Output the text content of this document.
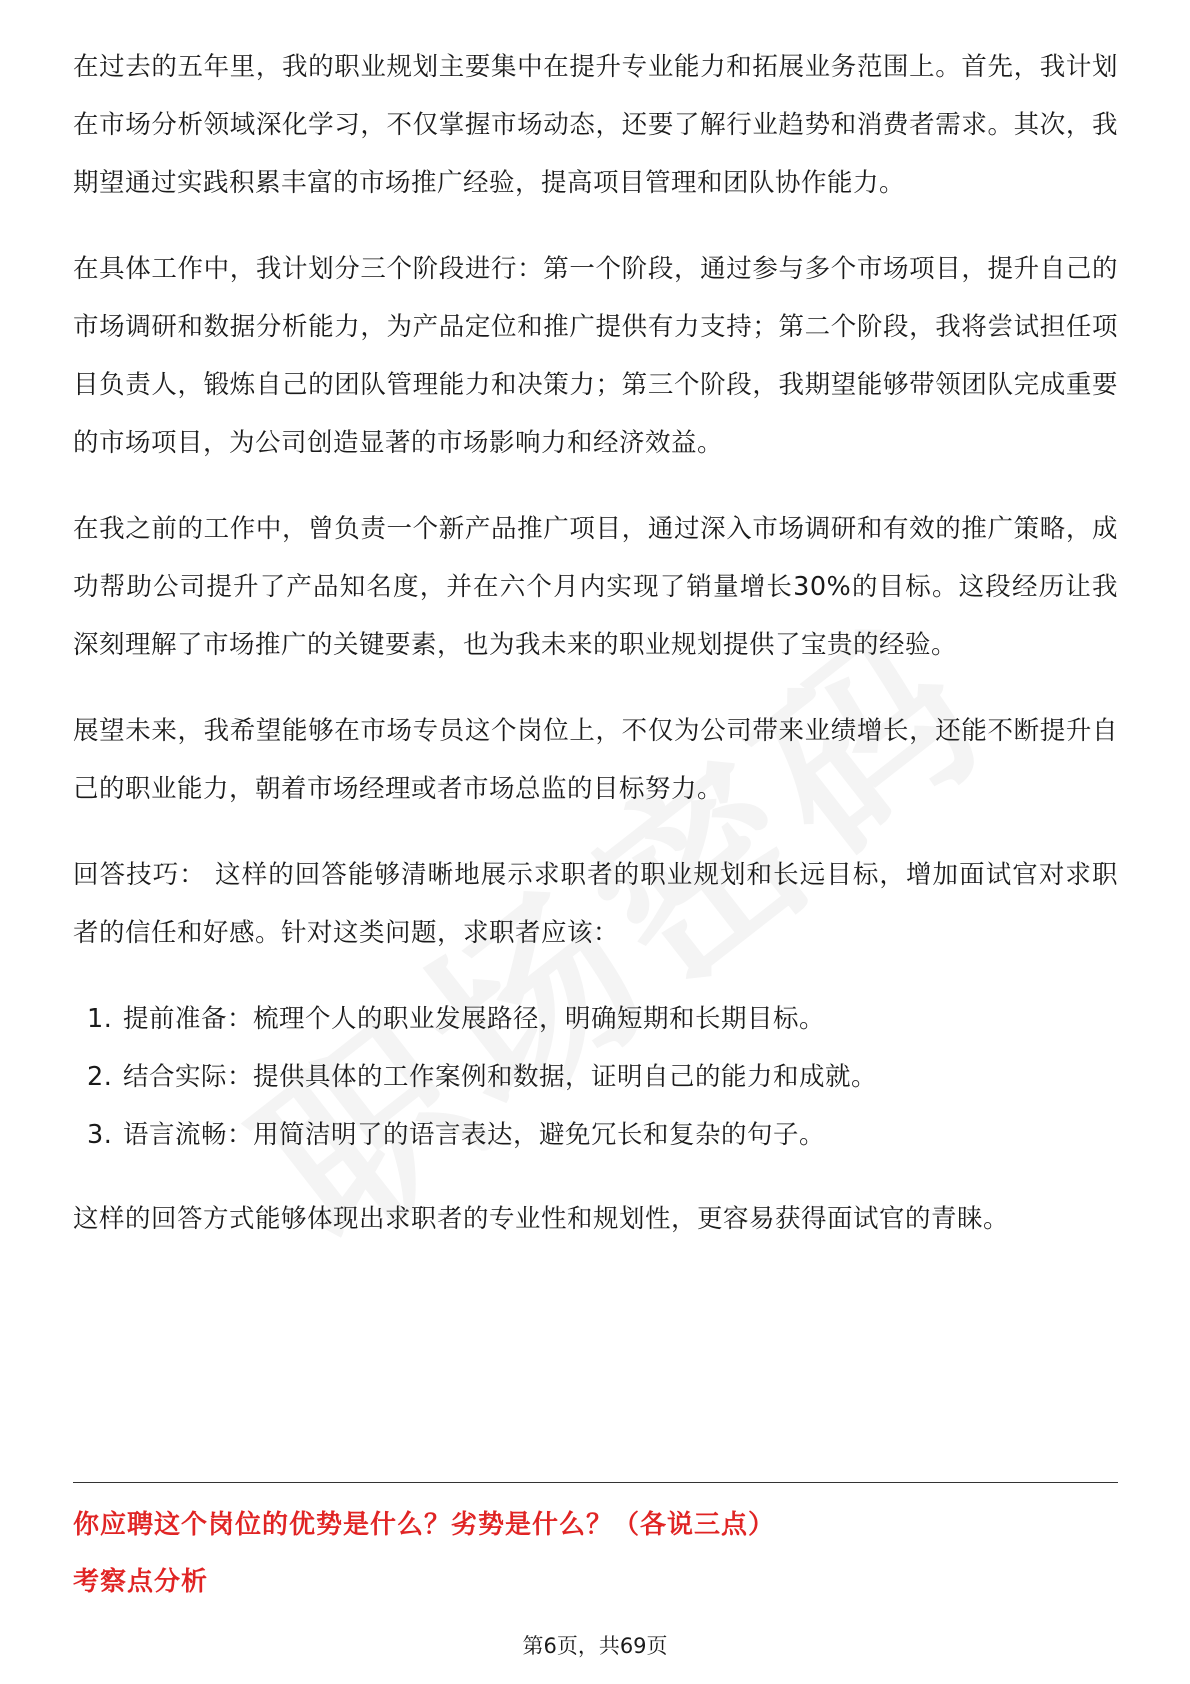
在过去的五年里，我的职业规划主要集中在提升专业能力和拓展业务范围上。首先，我计划在市场分析领域深化学习，不仅掌握市场动态，还要了解行业趋势和消费者需求。其次，我期望通过实践积累丰富的市场推广经验，提高项目管理和团队协作能力。

在具体工作中，我计划分三个阶段进行：第一个阶段，通过参与多个市场项目，提升自己的市场调研和数据分析能力，为产品定位和推广提供有力支持；第二个阶段，我将尝试担任项目负责人，锻炼自己的团队管理能力和决策力；第三个阶段，我期望能够带领团队完成重要的市场项目，为公司创造显著的市场影响力和经济效益。

在我之前的工作中，曾负责一个新产品推广项目，通过深入市场调研和有效的推广策略，成功帮助公司提升了产品知名度，并在六个月内实现了销量增长30%的目标。这段经历让我深刻理解了市场推广的关键要素，也为我未来的职业规划提供了宝贵的经验。

展望未来，我希望能够在市场专员这个岗位上，不仅为公司带来业绩增长，还能不断提升自己的职业能力，朝着市场经理或者市场总监的目标努力。

回答技巧： 这样的回答能够清晰地展示求职者的职业规划和长远目标，增加面试官对求职者的信任和好感。针对这类问题，求职者应该：

1. 提前准备：梳理个人的职业发展路径，明确短期和长期目标。
2. 结合实际：提供具体的工作案例和数据，证明自己的能力和成就。
3. 语言流畅：用简洁明了的语言表达，避免冗长和复杂的句子。

这样的回答方式能够体现出求职者的专业性和规划性，更容易获得面试官的青睐。

你应聘这个岗位的优势是什么？劣势是什么？（各说三点）
考察点分析
第6页，共69页
